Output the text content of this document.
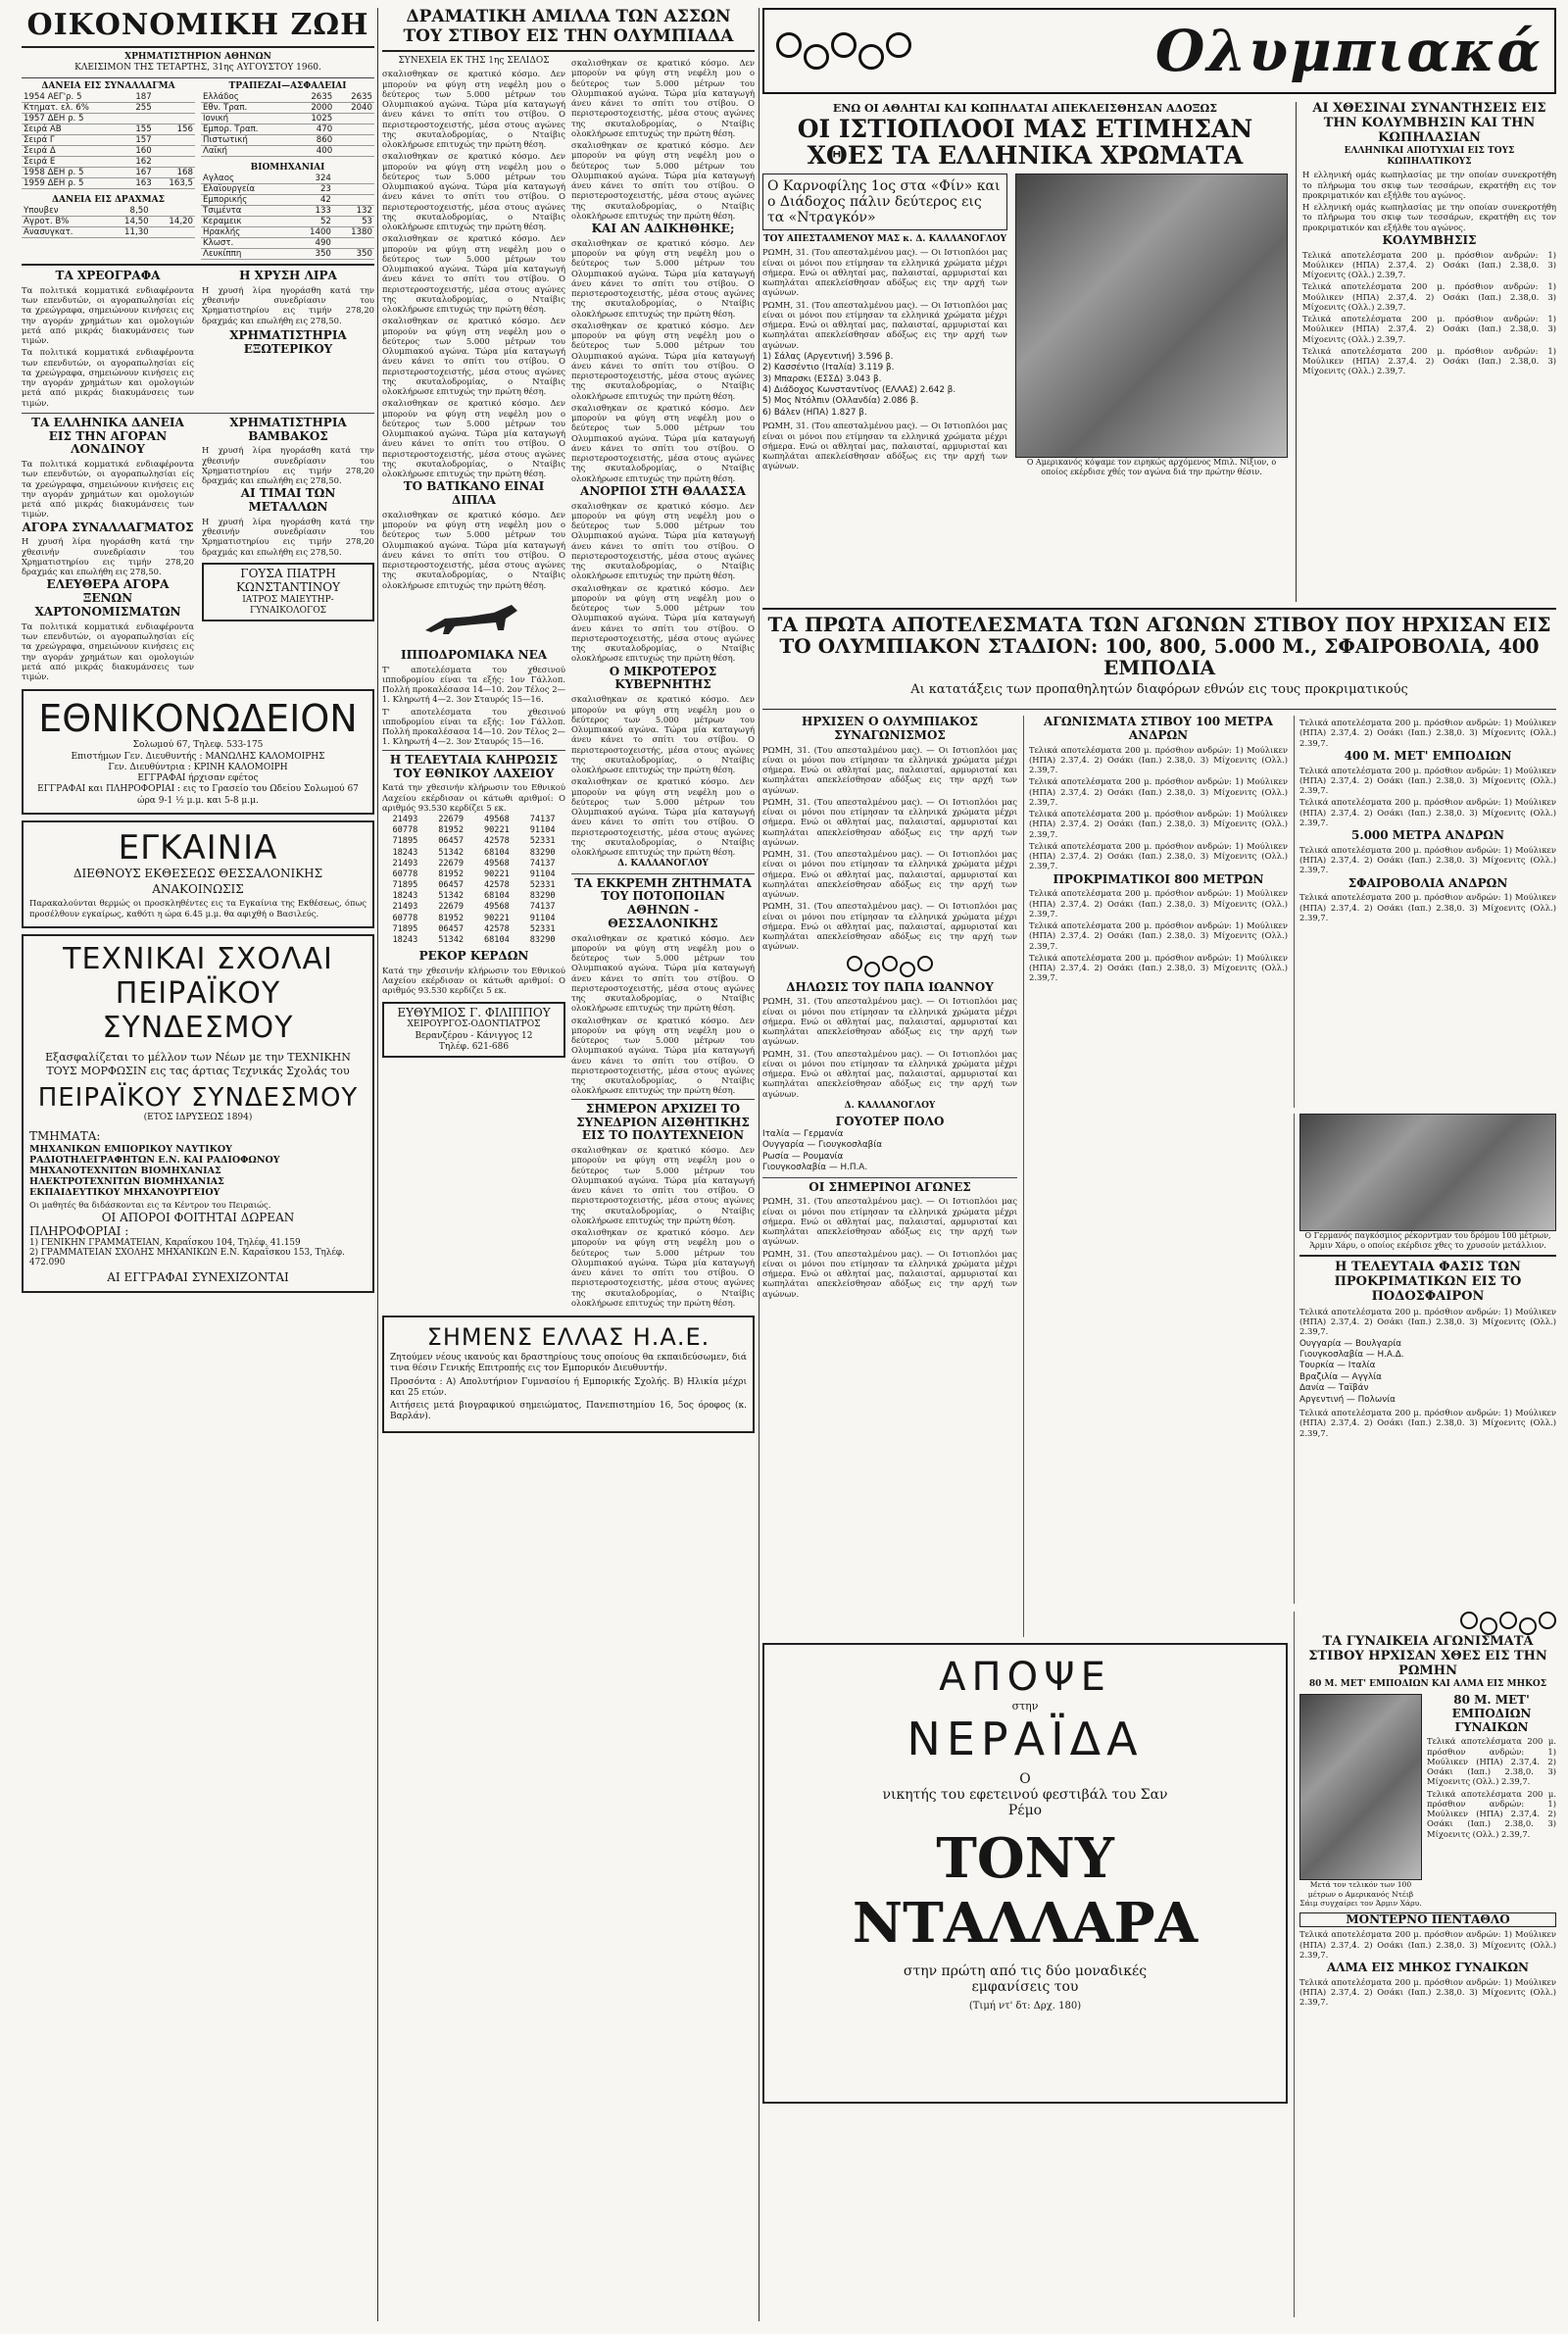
ΟΙΚΟΝΟΜΙΚΗ ΖΩΗ
ΧΡΗΜΑΤΙΣΤΗΡΙΟΝ ΑΘΗΝΩΝ
ΚΛΕΙΣΙΜΟΝ ΤΗΣ ΤΕΤΑΡΤΗΣ, 31ης ΑΥΓΟΥΣΤΟΥ 1960.
ΔΑΝΕΙΑ ΕΙΣ ΣΥΝΑΛΛΑΓΜΑ
1954 ΑΕΓ'ρ. 5	187	
Κτηματ. ελ. 6%	255	
1957 ΔΕΗ ρ. 5		
Σειρά ΑΒ	155	156
Σειρά Γ	157	
Σειρά Δ	160	
Σειρά Ε	162	
1958 ΔΕΗ ρ. 5	167	168
1959 ΔΕΗ ρ. 5	163	163,5
ΔΑΝΕΙΑ ΕΙΣ ΔΡΑΧΜΑΣ
Υπουβεν	8,50	
Αγροτ. Β%	14,50	14,20
Ανασυγκατ.	11,30	
ΤΡΑΠΕΖΑΙ—ΑΣΦΑΛΕΙΑΙ
Ελλάδος	2635	2635
Εθν. Τραπ.	2000	2040
Ιονική	1025	
Εμπορ. Τραπ.	470	
Πιστωτική	860	
Λαϊκή	400	
ΒΙΟΜΗΧΑΝΙΑΙ
Αγλαος	324	
Ελαϊουργεία	23	
Εμπορικής	42	
Τσιμέντα	133	132
Κεραμεικ	52	53
Ηρακλής	1400	1380
Κλωστ.	490	
Λευκίππη	350	350
ΤΑ ΧΡΕΟΓΡΑΦΑ

Τα πολιτικά κομματικά ενδιαφέροντα των επενδυτών, οι αγοραπωλησίαι είς τα χρεώγραφα, σημειώνουν κινήσεις εις την αγοράν χρημάτων και ομολογιών μετά από μικράς διακυμάνσεις των τιμών.

Τα πολιτικά κομματικά ενδιαφέροντα των επενδυτών, οι αγοραπωλησίαι είς τα χρεώγραφα, σημειώνουν κινήσεις εις την αγοράν χρημάτων και ομολογιών μετά από μικράς διακυμάνσεις των τιμών.

Η ΧΡΥΣΗ ΛΙΡΑ

Η χρυσή λίρα ηγοράσθη κατά την χθεσινήν συνεδρίασιν του Χρηματιστηρίου εις τιμήν 278,20 δραχμάς και επωλήθη εις 278,50.

ΧΡΗΜΑΤΙΣΤΗΡΙΑ ΕΞΩΤΕΡΙΚΟΥ
ΤΑ ΕΛΛΗΝΙΚΑ ΔΑΝΕΙΑ ΕΙΣ ΤΗΝ ΑΓΟΡΑΝ ΛΟΝΔΙΝΟΥ

Τα πολιτικά κομματικά ενδιαφέροντα των επενδυτών, οι αγοραπωλησίαι είς τα χρεώγραφα, σημειώνουν κινήσεις εις την αγοράν χρημάτων και ομολογιών μετά από μικράς διακυμάνσεις των τιμών.

ΑΓΟΡΑ ΣΥΝΑΛΛΑΓΜΑΤΟΣ

Η χρυσή λίρα ηγοράσθη κατά την χθεσινήν συνεδρίασιν του Χρηματιστηρίου εις τιμήν 278,20 δραχμάς και επωλήθη εις 278,50.

ΕΛΕΥΘΕΡΑ ΑΓΟΡΑ ΞΕΝΩΝ ΧΑΡΤΟΝΟΜΙΣΜΑΤΩΝ

Τα πολιτικά κομματικά ενδιαφέροντα των επενδυτών, οι αγοραπωλησίαι είς τα χρεώγραφα, σημειώνουν κινήσεις εις την αγοράν χρημάτων και ομολογιών μετά από μικράς διακυμάνσεις των τιμών.

ΧΡΗΜΑΤΙΣΤΗΡΙΑ ΒΑΜΒΑΚΟΣ

Η χρυσή λίρα ηγοράσθη κατά την χθεσινήν συνεδρίασιν του Χρηματιστηρίου εις τιμήν 278,20 δραχμάς και επωλήθη εις 278,50.

ΑΙ ΤΙΜΑΙ ΤΩΝ ΜΕΤΑΛΛΩΝ

Η χρυσή λίρα ηγοράσθη κατά την χθεσινήν συνεδρίασιν του Χρηματιστηρίου εις τιμήν 278,20 δραχμάς και επωλήθη εις 278,50.

ΓΟΥΣΑ ΠΙΑΤΡΗ ΚΩΝΣΤΑΝΤΙΝΟΥ
ΙΑΤΡΟΣ ΜΑΙΕΥΤΗΡ-ΓΥΝΑΙΚΟΛΟΓΟΣ
ΕΘΝΙΚΟΝΩΔΕΙΟΝ
Σολωμού 67, Τηλεφ. 533-175
Επιστήμων Γεν. Διευθυντής : ΜΑΝΩΛΗΣ ΚΑΛΟΜΟΙΡΗΣ
Γεν. Διευθύντρια : ΚΡΙΝΗ ΚΑΛΟΜΟΙΡΗ
ΕΓΓΡΑΦΑΙ ήρχισαν εφέτος
ΕΓΓΡΑΦΑΙ και ΠΛΗΡΟΦΟΡΙΑΙ : εις το Γρασείο του Ωδείου Σολωμού 67 ώρα 9-1 ½ μ.μ. και 5-8 μ.μ.
ΕΓΚΑΙΝΙΑ
ΔΙΕΘΝΟΥΣ ΕΚΘΕΣΕΩΣ ΘΕΣΣΑΛΟΝΙΚΗΣ
ΑΝΑΚΟΙΝΩΣΙΣ

Παρακαλούνται θερμώς οι προσκληθέντες εις τα Εγκαίνια της Εκθέσεως, όπως προσέλθουν εγκαίρως, καθότι η ώρα 6.45 μ.μ. θα αφιχθή ο Βασιλεύς.

ΤΕΧΝΙΚΑΙ ΣΧΟΛΑΙ
ΠΕΙΡΑΪΚΟΥ ΣΥΝΔΕΣΜΟΥ

Εξασφαλίζεται το μέλλον των Νέων με την ΤΕΧΝΙΚΗΝ ΤΟΥΣ ΜΟΡΦΩΣΙΝ εις τας άρτιας Τεχνικάς Σχολάς του

ΠΕΙΡΑΪΚΟΥ ΣΥΝΔΕΣΜΟΥ
(ΕΤΟΣ ΙΔΡΥΣΕΩΣ 1894)
ΤΜΗΜΑΤΑ:
ΜΗΧΑΝΙΚΩΝ ΕΜΠΟΡΙΚΟΥ ΝΑΥΤΙΚΟΥ
ΡΑΔΙΟΤΗΛΕΓΡΑΦΗΤΩΝ Ε.Ν. ΚΑΙ ΡΑΔΙΟΦΩΝΟΥ
ΜΗΧΑΝΟΤΕΧΝΙΤΩΝ ΒΙΟΜΗΧΑΝΙΑΣ
ΗΛΕΚΤΡΟΤΕΧΝΙΤΩΝ ΒΙΟΜΗΧΑΝΙΑΣ
ΕΚΠΑΙΔΕΥΤΙΚΟΥ ΜΗΧΑΝΟΥΡΓΕΙΟΥ

Οι μαθητές θα διδάσκονται εις τα Κέντρον του Πειραιώς.

ΟΙ ΑΠΟΡΟΙ ΦΟΙΤΗΤΑΙ ΔΩΡΕΑΝ
ΠΛΗΡΟΦΟΡΙΑΙ :
1) ΓΕΝΙΚΗΝ ΓΡΑΜΜΑΤΕΙΑΝ, Καραΐσκου 104, Τηλέφ. 41.159
2) ΓΡΑΜΜΑΤΕΙΑΝ ΣΧΟΛΗΣ ΜΗΧΑΝΙΚΩΝ Ε.Ν. Καραΐσκου 153, Τηλέφ. 472.090
ΑΙ ΕΓΓΡΑΦΑΙ ΣΥΝΕΧΙΖΟΝΤΑΙ
ΔΡΑΜΑΤΙΚΗ ΑΜΙΛΛΑ ΤΩΝ ΑΣΣΩΝ
ΤΟΥ ΣΤΙΒΟΥ ΕΙΣ ΤΗΝ ΟΛΥΜΠΙΑΔΑ
ΣΥΝΕΧΕΙΑ ΕΚ ΤΗΣ 1ης ΣΕΛΙΔΟΣ

σκαλισθηκαν σε κρατικό κόσμο. Δεν μπορούν να φύγη στη νεφέλη μου ο δεύτερος των 5.000 μέτρων του Ολυμπιακού αγώνα. Τώρα μία καταγωγή άνευ κάνει το σπίτι του στίβου. Ο περιστεροστοχειστής, μέσα στους αγώνες της σκυταλοδρομίας, ο Νταίβις ολοκλήρωσε επιτυχώς την πρώτη θέση.

σκαλισθηκαν σε κρατικό κόσμο. Δεν μπορούν να φύγη στη νεφέλη μου ο δεύτερος των 5.000 μέτρων του Ολυμπιακού αγώνα. Τώρα μία καταγωγή άνευ κάνει το σπίτι του στίβου. Ο περιστεροστοχειστής, μέσα στους αγώνες της σκυταλοδρομίας, ο Νταίβις ολοκλήρωσε επιτυχώς την πρώτη θέση.

σκαλισθηκαν σε κρατικό κόσμο. Δεν μπορούν να φύγη στη νεφέλη μου ο δεύτερος των 5.000 μέτρων του Ολυμπιακού αγώνα. Τώρα μία καταγωγή άνευ κάνει το σπίτι του στίβου. Ο περιστεροστοχειστής, μέσα στους αγώνες της σκυταλοδρομίας, ο Νταίβις ολοκλήρωσε επιτυχώς την πρώτη θέση.

σκαλισθηκαν σε κρατικό κόσμο. Δεν μπορούν να φύγη στη νεφέλη μου ο δεύτερος των 5.000 μέτρων του Ολυμπιακού αγώνα. Τώρα μία καταγωγή άνευ κάνει το σπίτι του στίβου. Ο περιστεροστοχειστής, μέσα στους αγώνες της σκυταλοδρομίας, ο Νταίβις ολοκλήρωσε επιτυχώς την πρώτη θέση.

σκαλισθηκαν σε κρατικό κόσμο. Δεν μπορούν να φύγη στη νεφέλη μου ο δεύτερος των 5.000 μέτρων του Ολυμπιακού αγώνα. Τώρα μία καταγωγή άνευ κάνει το σπίτι του στίβου. Ο περιστεροστοχειστής, μέσα στους αγώνες της σκυταλοδρομίας, ο Νταίβις ολοκλήρωσε επιτυχώς την πρώτη θέση.

ΤΟ ΒΑΤΙΚΑΝΟ ΕΙΝΑΙ ΔΙΠΛΑ

σκαλισθηκαν σε κρατικό κόσμο. Δεν μπορούν να φύγη στη νεφέλη μου ο δεύτερος των 5.000 μέτρων του Ολυμπιακού αγώνα. Τώρα μία καταγωγή άνευ κάνει το σπίτι του στίβου. Ο περιστεροστοχειστής, μέσα στους αγώνες της σκυταλοδρομίας, ο Νταίβις ολοκλήρωσε επιτυχώς την πρώτη θέση.

ΙΠΠΟΔΡΟΜΙΑΚΑ ΝΕΑ

Τ' αποτελέσματα του χθεσινού ιπποδρομίου είναι τα εξής: 1ον Γάλλοπ. Πολλή προκαλέσασα 14—10. 2ον Τέλος 2—1. Κληρωτή 4—2. 3ον Σταυρός 15—16.

Τ' αποτελέσματα του χθεσινού ιπποδρομίου είναι τα εξής: 1ον Γάλλοπ. Πολλή προκαλέσασα 14—10. 2ον Τέλος 2—1. Κληρωτή 4—2. 3ον Σταυρός 15—16.

Η ΤΕΛΕΥΤΑΙΑ ΚΛΗΡΩΣΙΣ ΤΟΥ ΕΘΝΙΚΟΥ ΛΑΧΕΙΟΥ

Κατά την χθεσινήν κλήρωσιν του Εθνικού Λαχείου εκέρδισαν οι κάτωθι αριθμοί: Ο αριθμός 93.530 κερδίζει 5 εκ.

21493	22679	49568	74137
60778	81952	90221	91104
71895	06457	42578	52331
18243	51342	68104	83290
21493	22679	49568	74137
60778	81952	90221	91104
71895	06457	42578	52331
18243	51342	68104	83290
21493	22679	49568	74137
60778	81952	90221	91104
71895	06457	42578	52331
18243	51342	68104	83290
ΡΕΚΟΡ ΚΕΡΔΩΝ

Κατά την χθεσινήν κλήρωσιν του Εθνικού Λαχείου εκέρδισαν οι κάτωθι αριθμοί: Ο αριθμός 93.530 κερδίζει 5 εκ.

ΕΥΘΥΜΙΟΣ Γ. ΦΙΛΙΠΠΟΥ
ΧΕΙΡΟΥΡΓΟΣ-ΟΔΟΝΤΙΑΤΡΟΣ
Βερανζέρου - Κάνιγγος 12
Τηλέφ. 621-686

σκαλισθηκαν σε κρατικό κόσμο. Δεν μπορούν να φύγη στη νεφέλη μου ο δεύτερος των 5.000 μέτρων του Ολυμπιακού αγώνα. Τώρα μία καταγωγή άνευ κάνει το σπίτι του στίβου. Ο περιστεροστοχειστής, μέσα στους αγώνες της σκυταλοδρομίας, ο Νταίβις ολοκλήρωσε επιτυχώς την πρώτη θέση.

σκαλισθηκαν σε κρατικό κόσμο. Δεν μπορούν να φύγη στη νεφέλη μου ο δεύτερος των 5.000 μέτρων του Ολυμπιακού αγώνα. Τώρα μία καταγωγή άνευ κάνει το σπίτι του στίβου. Ο περιστεροστοχειστής, μέσα στους αγώνες της σκυταλοδρομίας, ο Νταίβις ολοκλήρωσε επιτυχώς την πρώτη θέση.

ΚΑΙ ΑΝ ΑΔΙΚΗΘΗΚΕ;

σκαλισθηκαν σε κρατικό κόσμο. Δεν μπορούν να φύγη στη νεφέλη μου ο δεύτερος των 5.000 μέτρων του Ολυμπιακού αγώνα. Τώρα μία καταγωγή άνευ κάνει το σπίτι του στίβου. Ο περιστεροστοχειστής, μέσα στους αγώνες της σκυταλοδρομίας, ο Νταίβις ολοκλήρωσε επιτυχώς την πρώτη θέση.

σκαλισθηκαν σε κρατικό κόσμο. Δεν μπορούν να φύγη στη νεφέλη μου ο δεύτερος των 5.000 μέτρων του Ολυμπιακού αγώνα. Τώρα μία καταγωγή άνευ κάνει το σπίτι του στίβου. Ο περιστεροστοχειστής, μέσα στους αγώνες της σκυταλοδρομίας, ο Νταίβις ολοκλήρωσε επιτυχώς την πρώτη θέση.

σκαλισθηκαν σε κρατικό κόσμο. Δεν μπορούν να φύγη στη νεφέλη μου ο δεύτερος των 5.000 μέτρων του Ολυμπιακού αγώνα. Τώρα μία καταγωγή άνευ κάνει το σπίτι του στίβου. Ο περιστεροστοχειστής, μέσα στους αγώνες της σκυταλοδρομίας, ο Νταίβις ολοκλήρωσε επιτυχώς την πρώτη θέση.

ΑΝΟΡΠΟΙ ΣΤΗ ΘΑΛΑΣΣΑ

σκαλισθηκαν σε κρατικό κόσμο. Δεν μπορούν να φύγη στη νεφέλη μου ο δεύτερος των 5.000 μέτρων του Ολυμπιακού αγώνα. Τώρα μία καταγωγή άνευ κάνει το σπίτι του στίβου. Ο περιστεροστοχειστής, μέσα στους αγώνες της σκυταλοδρομίας, ο Νταίβις ολοκλήρωσε επιτυχώς την πρώτη θέση.

σκαλισθηκαν σε κρατικό κόσμο. Δεν μπορούν να φύγη στη νεφέλη μου ο δεύτερος των 5.000 μέτρων του Ολυμπιακού αγώνα. Τώρα μία καταγωγή άνευ κάνει το σπίτι του στίβου. Ο περιστεροστοχειστής, μέσα στους αγώνες της σκυταλοδρομίας, ο Νταίβις ολοκλήρωσε επιτυχώς την πρώτη θέση.

Ο ΜΙΚΡΟΤΕΡΟΣ ΚΥΒΕΡΝΗΤΗΣ

σκαλισθηκαν σε κρατικό κόσμο. Δεν μπορούν να φύγη στη νεφέλη μου ο δεύτερος των 5.000 μέτρων του Ολυμπιακού αγώνα. Τώρα μία καταγωγή άνευ κάνει το σπίτι του στίβου. Ο περιστεροστοχειστής, μέσα στους αγώνες της σκυταλοδρομίας, ο Νταίβις ολοκλήρωσε επιτυχώς την πρώτη θέση.

σκαλισθηκαν σε κρατικό κόσμο. Δεν μπορούν να φύγη στη νεφέλη μου ο δεύτερος των 5.000 μέτρων του Ολυμπιακού αγώνα. Τώρα μία καταγωγή άνευ κάνει το σπίτι του στίβου. Ο περιστεροστοχειστής, μέσα στους αγώνες της σκυταλοδρομίας, ο Νταίβις ολοκλήρωσε επιτυχώς την πρώτη θέση.

Δ. ΚΑΛΛΑΝΟΓΛΟΥ
ΤΑ ΕΚΚΡΕΜΗ ΖΗΤΗΜΑΤΑ ΤΟΥ ΠΟΤΟΠΟΙΙΑΝ ΑΘΗΝΩΝ - ΘΕΣΣΑΛΟΝΙΚΗΣ

σκαλισθηκαν σε κρατικό κόσμο. Δεν μπορούν να φύγη στη νεφέλη μου ο δεύτερος των 5.000 μέτρων του Ολυμπιακού αγώνα. Τώρα μία καταγωγή άνευ κάνει το σπίτι του στίβου. Ο περιστεροστοχειστής, μέσα στους αγώνες της σκυταλοδρομίας, ο Νταίβις ολοκλήρωσε επιτυχώς την πρώτη θέση.

σκαλισθηκαν σε κρατικό κόσμο. Δεν μπορούν να φύγη στη νεφέλη μου ο δεύτερος των 5.000 μέτρων του Ολυμπιακού αγώνα. Τώρα μία καταγωγή άνευ κάνει το σπίτι του στίβου. Ο περιστεροστοχειστής, μέσα στους αγώνες της σκυταλοδρομίας, ο Νταίβις ολοκλήρωσε επιτυχώς την πρώτη θέση.

ΣΗΜΕΡΟΝ ΑΡΧΙΖΕΙ ΤΟ ΣΥΝΕΔΡΙΟΝ ΑΙΣΘΗΤΙΚΗΣ ΕΙΣ ΤΟ ΠΟΛΥΤΕΧΝΕΙΟΝ

σκαλισθηκαν σε κρατικό κόσμο. Δεν μπορούν να φύγη στη νεφέλη μου ο δεύτερος των 5.000 μέτρων του Ολυμπιακού αγώνα. Τώρα μία καταγωγή άνευ κάνει το σπίτι του στίβου. Ο περιστεροστοχειστής, μέσα στους αγώνες της σκυταλοδρομίας, ο Νταίβις ολοκλήρωσε επιτυχώς την πρώτη θέση.

σκαλισθηκαν σε κρατικό κόσμο. Δεν μπορούν να φύγη στη νεφέλη μου ο δεύτερος των 5.000 μέτρων του Ολυμπιακού αγώνα. Τώρα μία καταγωγή άνευ κάνει το σπίτι του στίβου. Ο περιστεροστοχειστής, μέσα στους αγώνες της σκυταλοδρομίας, ο Νταίβις ολοκλήρωσε επιτυχώς την πρώτη θέση.

ΣΗΜΕΝΣ ΕΛΛΑΣ Η.Α.Ε.

Ζητούμεν νέους ικανούς και δραστηρίους τους οποίους θα εκπαιδεύσωμεν, διά τινα θέσιν Γενικής Επιτροπής εις τον Εμπορικόν Διευθυντήν.

Προσόντα : Α) Απολυτήριον Γυμνασίου ή Εμπορικής Σχολής. Β) Ηλικία μέχρι και 25 ετών.

Αιτήσεις μετά βιογραφικού σημειώματος, Πανεπιστημίου 16, 5ος όροφος (κ. Βαρλάν).

Ολυμπιακά
ΕΝΩ ΟΙ ΑΘΛΗΤΑΙ ΚΑΙ ΚΩΠΗΛΑΤΑΙ ΑΠΕΚΛΕΙΣΘΗΣΑΝ ΑΔΟΞΩΣ
ΟΙ ΙΣΤΙΟΠΛΟΟΙ ΜΑΣ ΕΤΙΜΗΣΑΝ ΧΘΕΣ ΤΑ ΕΛΛΗΝΙΚΑ ΧΡΩΜΑΤΑ
Ο Καρνοφίλης 1ος στα «Φίν» και ο Διάδοχος πάλιν δεύτερος εις τα «Ντραγκόν»
ΤΟΥ ΑΠΕΣΤΑΛΜΕΝΟΥ ΜΑΣ κ. Δ. ΚΑΛΛΑΝΟΓΛΟΥ

ΡΩΜΗ, 31. (Του απεσταλμένου μας). — Οι Ιστιοπλόοι μας είναι οι μόνοι που ετίμησαν τα ελληνικά χρώματα μέχρι σήμερα. Ενώ οι αθληταί μας, παλαισταί, αρμυρισταί και κωπηλάται απεκλείσθησαν αδόξως εις την αρχή των αγώνων.

ΡΩΜΗ, 31. (Του απεσταλμένου μας). — Οι Ιστιοπλόοι μας είναι οι μόνοι που ετίμησαν τα ελληνικά χρώματα μέχρι σήμερα. Ενώ οι αθληταί μας, παλαισταί, αρμυρισταί και κωπηλάται απεκλείσθησαν αδόξως εις την αρχή των αγώνων.

1) Σάλας (Αργεντινή) 3.596 β.
2) Κασσέντιο (Ιταλία) 3.119 β.
3) Μπαρσκι (ΕΣΣΔ) 3.043 β.
4) Διάδοχος Κωνσταντίνος (ΕΛΛΑΣ) 2.642 β.
5) Μος Ντόλπιν (Ολλανδία) 2.086 β.
6) Βάλεν (ΗΠΑ) 1.827 β.

ΡΩΜΗ, 31. (Του απεσταλμένου μας). — Οι Ιστιοπλόοι μας είναι οι μόνοι που ετίμησαν τα ελληνικά χρώματα μέχρι σήμερα. Ενώ οι αθληταί μας, παλαισταί, αρμυρισταί και κωπηλάται απεκλείσθησαν αδόξως εις την αρχή των αγώνων.	Ο Αμερικανός κόψαμε τον ειρηκώς αρχόμενος Μπιλ. Νίξιον, ο οποίος εκέρδισε χθές τον αγώνα διά την πρώτην θέσιν.
ΑΙ ΧΘΕΣΙΝΑΙ ΣΥΝΑΝΤΗΣΕΙΣ ΕΙΣ ΤΗΝ ΚΟΛΥΜΒΗΣΙΝ ΚΑΙ ΤΗΝ ΚΩΠΗΛΑΣΙΑΝ
ΕΛΛΗΝΙΚΑΙ ΑΠΟΤΥΧΙΑΙ ΕΙΣ ΤΟΥΣ ΚΩΠΗΛΑΤΙΚΟΥΣ

Η ελληνική ομάς κωπηλασίας με την οποίαν συνεκροτήθη το πλήρωμα του σκιφ των τεσσάρων, εκρατήθη εις τον προκριματικόν και εξήλθε του αγώνος.

Η ελληνική ομάς κωπηλασίας με την οποίαν συνεκροτήθη το πλήρωμα του σκιφ των τεσσάρων, εκρατήθη εις τον προκριματικόν και εξήλθε του αγώνος.

ΚΟΛΥΜΒΗΣΙΣ

Τελικά αποτελέσματα 200 μ. πρόσθιον ανδρών: 1) Μούλικεν (ΗΠΑ) 2.37,4. 2) Οσάκι (Ιαπ.) 2.38,0. 3) Μίχοενιτς (Ολλ.) 2.39,7.

Τελικά αποτελέσματα 200 μ. πρόσθιον ανδρών: 1) Μούλικεν (ΗΠΑ) 2.37,4. 2) Οσάκι (Ιαπ.) 2.38,0. 3) Μίχοενιτς (Ολλ.) 2.39,7.

Τελικά αποτελέσματα 200 μ. πρόσθιον ανδρών: 1) Μούλικεν (ΗΠΑ) 2.37,4. 2) Οσάκι (Ιαπ.) 2.38,0. 3) Μίχοενιτς (Ολλ.) 2.39,7.

Τελικά αποτελέσματα 200 μ. πρόσθιον ανδρών: 1) Μούλικεν (ΗΠΑ) 2.37,4. 2) Οσάκι (Ιαπ.) 2.38,0. 3) Μίχοενιτς (Ολλ.) 2.39,7.

ΤΑ ΠΡΩΤΑ ΑΠΟΤΕΛΕΣΜΑΤΑ ΤΩΝ ΑΓΩΝΩΝ ΣΤΙΒΟΥ ΠΟΥ ΗΡΧΙΣΑΝ ΕΙΣ ΤΟ ΟΛΥΜΠΙΑΚΟΝ ΣΤΑΔΙΟΝ: 100, 800, 5.000 Μ., ΣΦΑΙΡΟΒΟΛΙΑ, 400 ΕΜΠΟΔΙΑ
Αι κατατάξεις των προπαθηλητών διαφόρων εθνών εις τους προκριματικούς
ΗΡΧΙΣΕΝ Ο ΟΛΥΜΠΙΑΚΟΣ ΣΥΝΑΓΩΝΙΣΜΟΣ

ΡΩΜΗ, 31. (Του απεσταλμένου μας). — Οι Ιστιοπλόοι μας είναι οι μόνοι που ετίμησαν τα ελληνικά χρώματα μέχρι σήμερα. Ενώ οι αθληταί μας, παλαισταί, αρμυρισταί και κωπηλάται απεκλείσθησαν αδόξως εις την αρχή των αγώνων.

ΡΩΜΗ, 31. (Του απεσταλμένου μας). — Οι Ιστιοπλόοι μας είναι οι μόνοι που ετίμησαν τα ελληνικά χρώματα μέχρι σήμερα. Ενώ οι αθληταί μας, παλαισταί, αρμυρισταί και κωπηλάται απεκλείσθησαν αδόξως εις την αρχή των αγώνων.

ΡΩΜΗ, 31. (Του απεσταλμένου μας). — Οι Ιστιοπλόοι μας είναι οι μόνοι που ετίμησαν τα ελληνικά χρώματα μέχρι σήμερα. Ενώ οι αθληταί μας, παλαισταί, αρμυρισταί και κωπηλάται απεκλείσθησαν αδόξως εις την αρχή των αγώνων.

ΡΩΜΗ, 31. (Του απεσταλμένου μας). — Οι Ιστιοπλόοι μας είναι οι μόνοι που ετίμησαν τα ελληνικά χρώματα μέχρι σήμερα. Ενώ οι αθληταί μας, παλαισταί, αρμυρισταί και κωπηλάται απεκλείσθησαν αδόξως εις την αρχή των αγώνων.

ΔΗΛΩΣΙΣ ΤΟΥ ΠΑΠΑ ΙΩΑΝΝΟΥ

ΡΩΜΗ, 31. (Του απεσταλμένου μας). — Οι Ιστιοπλόοι μας είναι οι μόνοι που ετίμησαν τα ελληνικά χρώματα μέχρι σήμερα. Ενώ οι αθληταί μας, παλαισταί, αρμυρισταί και κωπηλάται απεκλείσθησαν αδόξως εις την αρχή των αγώνων.

ΡΩΜΗ, 31. (Του απεσταλμένου μας). — Οι Ιστιοπλόοι μας είναι οι μόνοι που ετίμησαν τα ελληνικά χρώματα μέχρι σήμερα. Ενώ οι αθληταί μας, παλαισταί, αρμυρισταί και κωπηλάται απεκλείσθησαν αδόξως εις την αρχή των αγώνων.

Δ. ΚΑΛΛΑΝΟΓΛΟΥ
ΓΟΥΟΤΕΡ ΠΟΛΟ
Ιταλία — Γερμανία
Ουγγαρία — Γιουγκοσλαβία
Ρωσία — Ρουμανία
Γιουγκοσλαβία — Η.Π.Α.
ΟΙ ΣΗΜΕΡΙΝΟΙ ΑΓΩΝΕΣ

ΡΩΜΗ, 31. (Του απεσταλμένου μας). — Οι Ιστιοπλόοι μας είναι οι μόνοι που ετίμησαν τα ελληνικά χρώματα μέχρι σήμερα. Ενώ οι αθληταί μας, παλαισταί, αρμυρισταί και κωπηλάται απεκλείσθησαν αδόξως εις την αρχή των αγώνων.

ΡΩΜΗ, 31. (Του απεσταλμένου μας). — Οι Ιστιοπλόοι μας είναι οι μόνοι που ετίμησαν τα ελληνικά χρώματα μέχρι σήμερα. Ενώ οι αθληταί μας, παλαισταί, αρμυρισταί και κωπηλάται απεκλείσθησαν αδόξως εις την αρχή των αγώνων.

ΑΓΩΝΙΣΜΑΤΑ ΣΤΙΒΟΥ 100 ΜΕΤΡΑ ΑΝΔΡΩΝ

Τελικά αποτελέσματα 200 μ. πρόσθιον ανδρών: 1) Μούλικεν (ΗΠΑ) 2.37,4. 2) Οσάκι (Ιαπ.) 2.38,0. 3) Μίχοενιτς (Ολλ.) 2.39,7.

Τελικά αποτελέσματα 200 μ. πρόσθιον ανδρών: 1) Μούλικεν (ΗΠΑ) 2.37,4. 2) Οσάκι (Ιαπ.) 2.38,0. 3) Μίχοενιτς (Ολλ.) 2.39,7.

Τελικά αποτελέσματα 200 μ. πρόσθιον ανδρών: 1) Μούλικεν (ΗΠΑ) 2.37,4. 2) Οσάκι (Ιαπ.) 2.38,0. 3) Μίχοενιτς (Ολλ.) 2.39,7.

Τελικά αποτελέσματα 200 μ. πρόσθιον ανδρών: 1) Μούλικεν (ΗΠΑ) 2.37,4. 2) Οσάκι (Ιαπ.) 2.38,0. 3) Μίχοενιτς (Ολλ.) 2.39,7.

ΠΡΟΚΡΙΜΑΤΙΚΟΙ 800 ΜΕΤΡΩΝ

Τελικά αποτελέσματα 200 μ. πρόσθιον ανδρών: 1) Μούλικεν (ΗΠΑ) 2.37,4. 2) Οσάκι (Ιαπ.) 2.38,0. 3) Μίχοενιτς (Ολλ.) 2.39,7.

Τελικά αποτελέσματα 200 μ. πρόσθιον ανδρών: 1) Μούλικεν (ΗΠΑ) 2.37,4. 2) Οσάκι (Ιαπ.) 2.38,0. 3) Μίχοενιτς (Ολλ.) 2.39,7.

Τελικά αποτελέσματα 200 μ. πρόσθιον ανδρών: 1) Μούλικεν (ΗΠΑ) 2.37,4. 2) Οσάκι (Ιαπ.) 2.38,0. 3) Μίχοενιτς (Ολλ.) 2.39,7.

Τελικά αποτελέσματα 200 μ. πρόσθιον ανδρών: 1) Μούλικεν (ΗΠΑ) 2.37,4. 2) Οσάκι (Ιαπ.) 2.38,0. 3) Μίχοενιτς (Ολλ.) 2.39,7.

400 Μ. ΜΕΤ' ΕΜΠΟΔΙΩΝ

Τελικά αποτελέσματα 200 μ. πρόσθιον ανδρών: 1) Μούλικεν (ΗΠΑ) 2.37,4. 2) Οσάκι (Ιαπ.) 2.38,0. 3) Μίχοενιτς (Ολλ.) 2.39,7.

Τελικά αποτελέσματα 200 μ. πρόσθιον ανδρών: 1) Μούλικεν (ΗΠΑ) 2.37,4. 2) Οσάκι (Ιαπ.) 2.38,0. 3) Μίχοενιτς (Ολλ.) 2.39,7.

5.000 ΜΕΤΡΑ ΑΝΔΡΩΝ

Τελικά αποτελέσματα 200 μ. πρόσθιον ανδρών: 1) Μούλικεν (ΗΠΑ) 2.37,4. 2) Οσάκι (Ιαπ.) 2.38,0. 3) Μίχοενιτς (Ολλ.) 2.39,7.

ΣΦΑΙΡΟΒΟΛΙΑ ΑΝΔΡΩΝ

Τελικά αποτελέσματα 200 μ. πρόσθιον ανδρών: 1) Μούλικεν (ΗΠΑ) 2.37,4. 2) Οσάκι (Ιαπ.) 2.38,0. 3) Μίχοενιτς (Ολλ.) 2.39,7.

Ο Γερμανός παγκόσμιος ρέκορντμαν του δρόμου 100 μέτρων, Άρμιν Χάρυ, ο οποίος εκέρδισε χθες το χρυσούν μετάλλιον.
Η ΤΕΛΕΥΤΑΙΑ ΦΑΣΙΣ ΤΩΝ ΠΡΟΚΡΙΜΑΤΙΚΩΝ ΕΙΣ ΤΟ ΠΟΔΟΣΦΑΙΡΟΝ

Τελικά αποτελέσματα 200 μ. πρόσθιον ανδρών: 1) Μούλικεν (ΗΠΑ) 2.37,4. 2) Οσάκι (Ιαπ.) 2.38,0. 3) Μίχοενιτς (Ολλ.) 2.39,7.

Ουγγαρία — Βουλγαρία
Γιουγκοσλαβία — Η.Α.Δ.
Τουρκία — Ιταλία
Βραζιλία — Αγγλία
Δανία — Ταϊβάν
Αργεντινή — Πολωνία

Τελικά αποτελέσματα 200 μ. πρόσθιον ανδρών: 1) Μούλικεν (ΗΠΑ) 2.37,4. 2) Οσάκι (Ιαπ.) 2.38,0. 3) Μίχοενιτς (Ολλ.) 2.39,7.

ΑΠΟΨΕ
στην
ΝΕΡΑΪΔΑ
Ο
νικητής του εφετεινού φεστιβάλ του Σαν Ρέμο
ΤΟΝΥ
ΝΤΑΛΛΑΡΑ
στην πρώτη από τις δύο μοναδικές εμφανίσεις του
(Τιμή ντ' δτ: Δρχ. 180)
ΤΑ ΓΥΝΑΙΚΕΙΑ ΑΓΩΝΙΣΜΑΤΑ ΣΤΙΒΟΥ ΗΡΧΙΣΑΝ ΧΘΕΣ ΕΙΣ ΤΗΝ ΡΩΜΗΝ
80 Μ. ΜΕΤ' ΕΜΠΟΔΙΩΝ ΚΑΙ ΑΛΜΑ ΕΙΣ ΜΗΚΟΣ
Μετά τον τελικόν των 100 μέτρων ο Αμερικανός Ντέιβ Σάιμ συγχαίρει τον Άρμιν Χάρυ.
80 Μ. ΜΕΤ' ΕΜΠΟΔΙΩΝ ΓΥΝΑΙΚΩΝ

Τελικά αποτελέσματα 200 μ. πρόσθιον ανδρών: 1) Μούλικεν (ΗΠΑ) 2.37,4. 2) Οσάκι (Ιαπ.) 2.38,0. 3) Μίχοενιτς (Ολλ.) 2.39,7.

Τελικά αποτελέσματα 200 μ. πρόσθιον ανδρών: 1) Μούλικεν (ΗΠΑ) 2.37,4. 2) Οσάκι (Ιαπ.) 2.38,0. 3) Μίχοενιτς (Ολλ.) 2.39,7.

ΜΟΝΤΕΡΝΟ ΠΕΝΤΑΘΛΟ

Τελικά αποτελέσματα 200 μ. πρόσθιον ανδρών: 1) Μούλικεν (ΗΠΑ) 2.37,4. 2) Οσάκι (Ιαπ.) 2.38,0. 3) Μίχοενιτς (Ολλ.) 2.39,7.

ΑΛΜΑ ΕΙΣ ΜΗΚΟΣ ΓΥΝΑΙΚΩΝ

Τελικά αποτελέσματα 200 μ. πρόσθιον ανδρών: 1) Μούλικεν (ΗΠΑ) 2.37,4. 2) Οσάκι (Ιαπ.) 2.38,0. 3) Μίχοενιτς (Ολλ.) 2.39,7.
